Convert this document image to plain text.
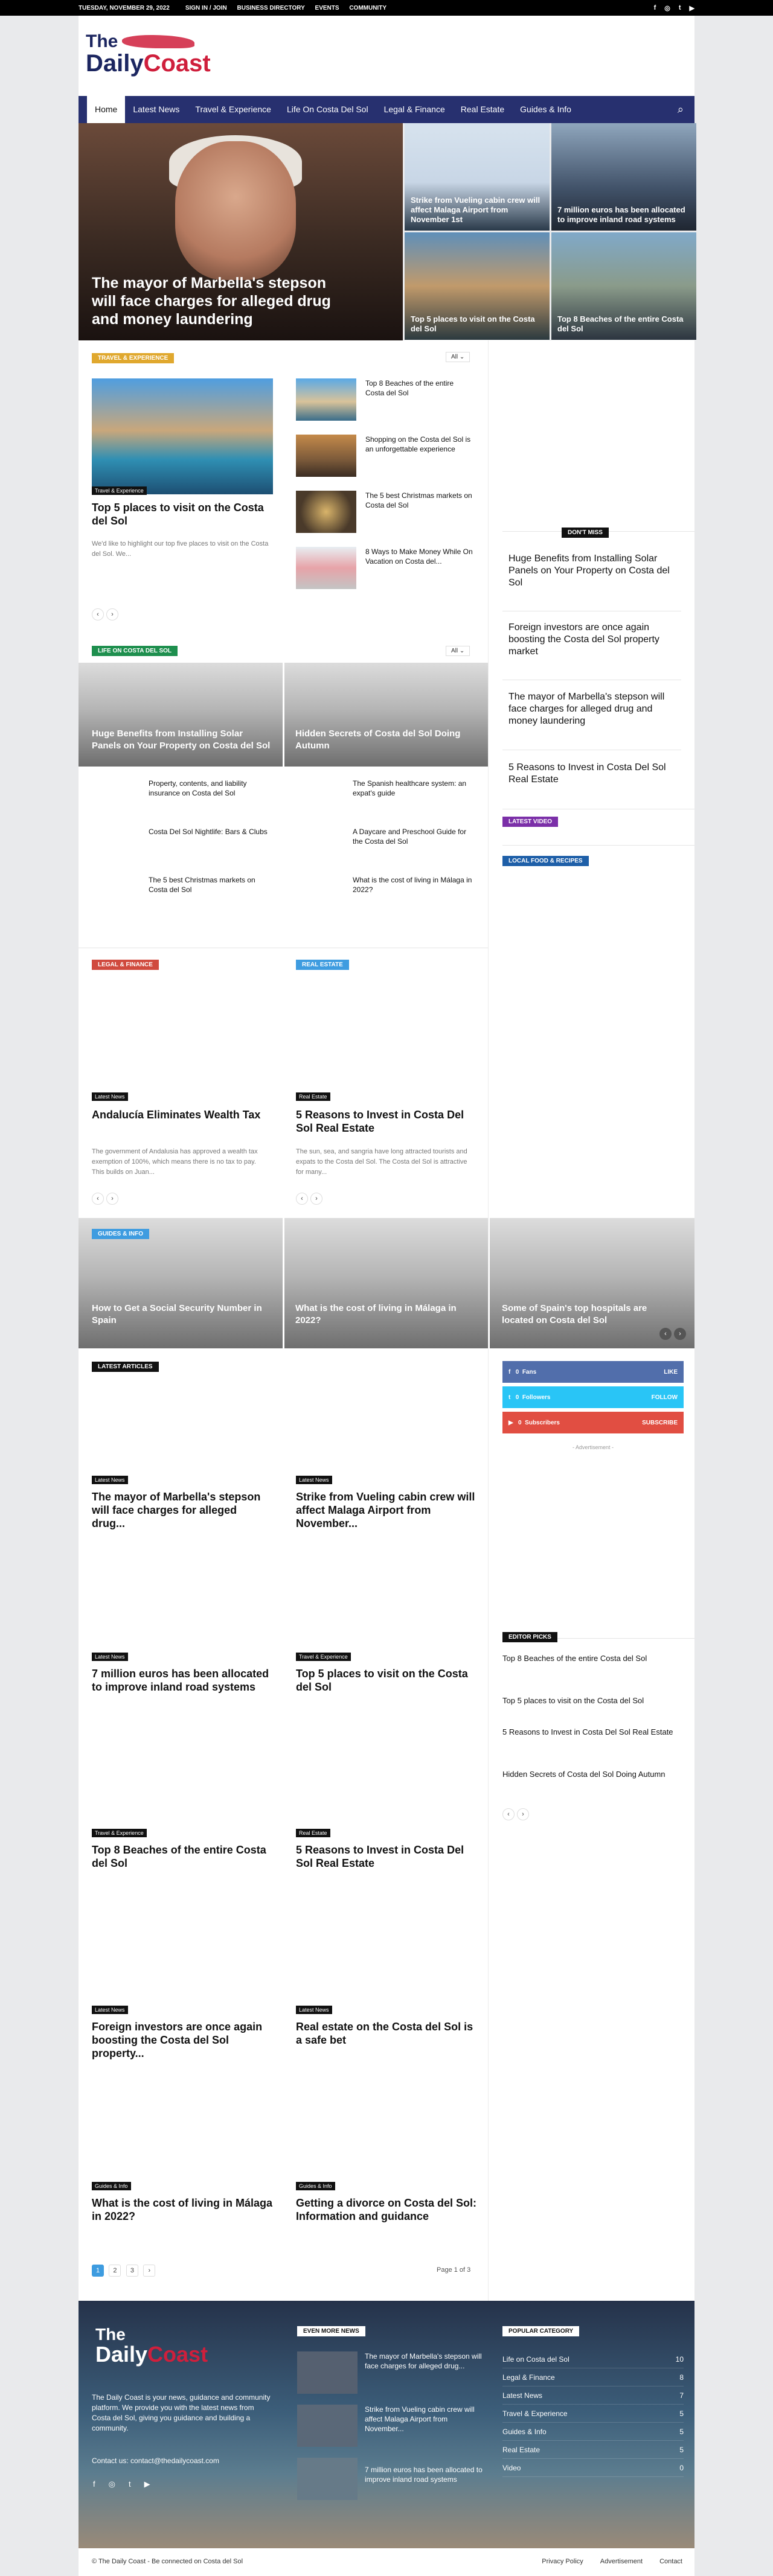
TUESDAY, NOVEMBER 29, 2022	SIGN IN / JOIN BUSINESS DIRECTORY EVENTS COMMUNITY	f ◎ t ▶
The
DailyCoast
Home	Latest News	Travel & Experience	Life On Costa Del Sol	Legal & Finance	Real Estate	Guides & Info	⌕
The mayor of Marbella's stepson will face charges for alleged drug and money laundering
Strike from Vueling cabin crew will affect Malaga Airport from November 1st
7 million euros has been allocated to improve inland road systems
Top 5 places to visit on the Costa del Sol
Top 8 Beaches of the entire Costa del Sol
TRAVEL & EXPERIENCE	All ⌄
Travel & Experience
Top 5 places to visit on the Costa del Sol
We'd like to highlight our top five places to visit on the Costa del Sol. We...
Top 8 Beaches of the entire Costa del Sol
Shopping on the Costa del Sol is an unforgettable experience
The 5 best Christmas markets on Costa del Sol
8 Ways to Make Money While On Vacation on Costa del...
‹ ›
LIFE ON COSTA DEL SOL	All ⌄
Huge Benefits from Installing Solar Panels on Your Property on Costa del Sol
Hidden Secrets of Costa del Sol Doing Autumn
Property, contents, and liability insurance on Costa del Sol
Costa Del Sol Nightlife: Bars & Clubs
The 5 best Christmas markets on Costa del Sol
The Spanish healthcare system: an expat's guide
A Daycare and Preschool Guide for the Costa del Sol
What is the cost of living in Málaga in 2022?
LEGAL & FINANCE
Latest News
Andalucía Eliminates Wealth Tax
The government of Andalusia has approved a wealth tax exemption of 100%, which means there is no tax to pay. This builds on Juan...
‹ ›
REAL ESTATE
Real Estate
5 Reasons to Invest in Costa Del Sol Real Estate
The sun, sea, and sangria have long attracted tourists and expats to the Costa del Sol. The Costa del Sol is attractive for many...
‹ ›
GUIDES & INFO
How to Get a Social Security Number in Spain
What is the cost of living in Málaga in 2022?
Some of Spain's top hospitals are located on Costa del Sol
‹ ›
DON'T MISS
Huge Benefits from Installing Solar Panels on Your Property on Costa del Sol
Foreign investors are once again boosting the Costa del Sol property market
The mayor of Marbella's stepson will face charges for alleged drug and money laundering
5 Reasons to Invest in Costa Del Sol Real Estate
LATEST VIDEO
LOCAL FOOD & RECIPES
f
0
Fans	LIKE
t
0
Followers	FOLLOW
▶
0
Subscribers	SUBSCRIBE
- Advertisement -
EDITOR PICKS
Top 8 Beaches of the entire Costa del Sol
Top 5 places to visit on the Costa del Sol
5 Reasons to Invest in Costa Del Sol Real Estate
Hidden Secrets of Costa del Sol Doing Autumn
‹ ›
LATEST ARTICLES
Latest News
The mayor of Marbella's stepson will face charges for alleged drug...
Latest News
Strike from Vueling cabin crew will affect Malaga Airport from November...
Latest News
7 million euros has been allocated to improve inland road systems
Travel & Experience
Top 5 places to visit on the Costa del Sol
Travel & Experience
Top 8 Beaches of the entire Costa del Sol
Real Estate
5 Reasons to Invest in Costa Del Sol Real Estate
Latest News
Foreign investors are once again boosting the Costa del Sol property...
Latest News
Real estate on the Costa del Sol is a safe bet
Guides & Info
What is the cost of living in Málaga in 2022?
Guides & Info
Getting a divorce on Costa del Sol: Information and guidance
1 2 3 ›	Page 1 of 3
The
DailyCoast
The Daily Coast is your news, guidance and community platform. We provide you with the latest news from Costa del Sol, giving you guidance and building a community.
Contact us: contact@thedailycoast.com
f ◎ t ▶
EVEN MORE NEWS
The mayor of Marbella's stepson will face charges for alleged drug...
Strike from Vueling cabin crew will affect Malaga Airport from November...
7 million euros has been allocated to improve inland road systems
POPULAR CATEGORY
Life on Costa del Sol	10
Legal & Finance	8
Latest News	7
Travel & Experience	5
Guides & Info	5
Real Estate	5
Video	0
© The Daily Coast - Be connected on Costa del Sol	Privacy Policy	Advertisement	Contact
